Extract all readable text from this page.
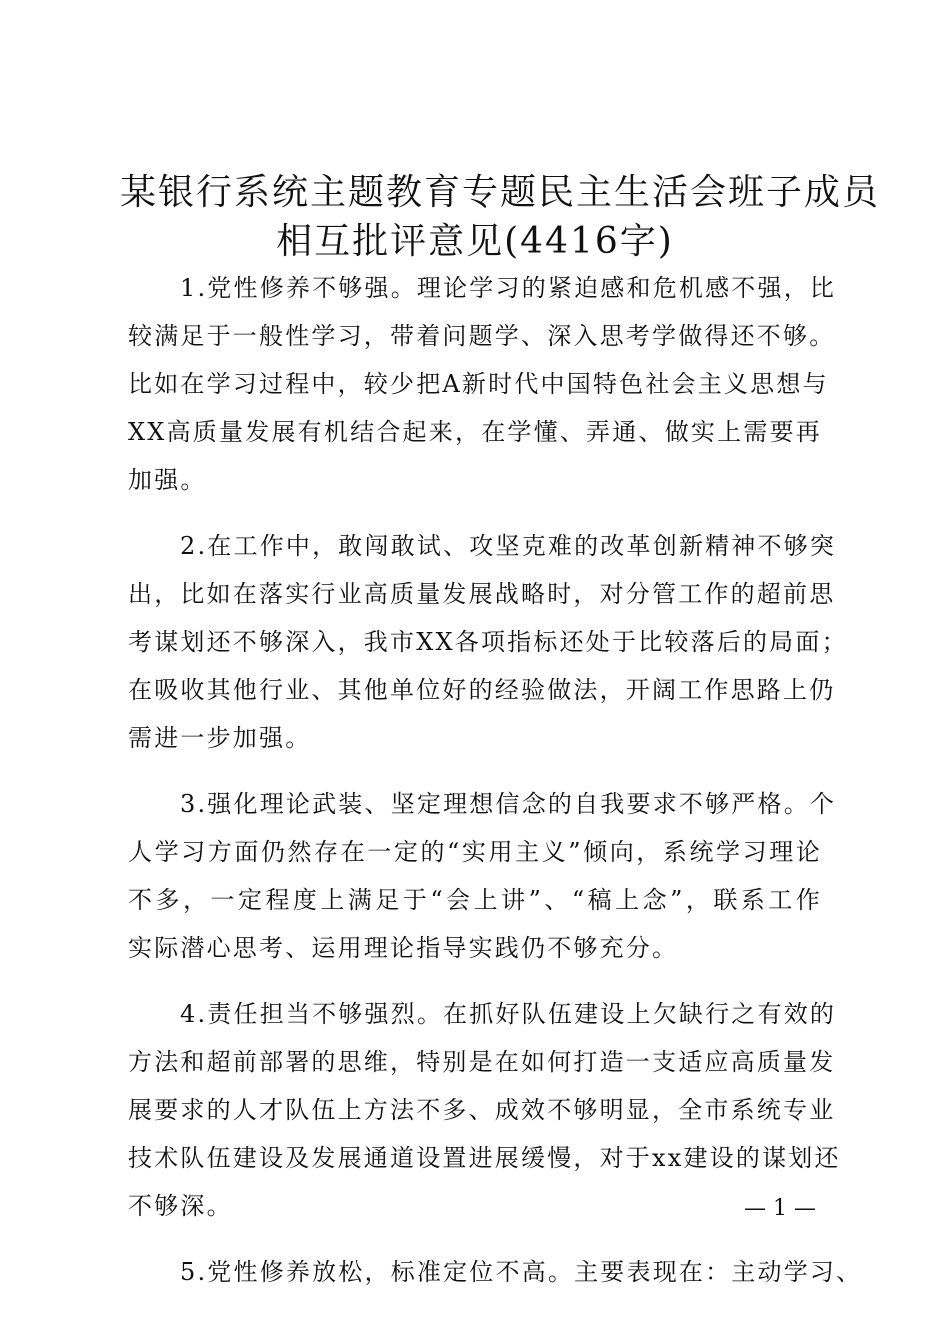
某银行系统主题教育专题民主生活会班子成员
相互批评意见(4416字)
1.党性修养不够强。理论学习的紧迫感和危机感不强，比
较满足于一般性学习，带着问题学、深入思考学做得还不够。
比如在学习过程中，较少把A新时代中国特色社会主义思想与
XX高质量发展有机结合起来，在学懂、弄通、做实上需要再
加强。
2.在工作中，敢闯敢试、攻坚克难的改革创新精神不够突
出，比如在落实行业高质量发展战略时，对分管工作的超前思
考谋划还不够深入，我市XX各项指标还处于比较落后的局面；
在吸收其他行业、其他单位好的经验做法，开阔工作思路上仍
需进一步加强。
3.强化理论武装、坚定理想信念的自我要求不够严格。个
人学习方面仍然存在一定的“实用主义”倾向，系统学习理论
不多，一定程度上满足于“会上讲”、“稿上念”，联系工作
实际潜心思考、运用理论指导实践仍不够充分。
4.责任担当不够强烈。在抓好队伍建设上欠缺行之有效的
方法和超前部署的思维，特别是在如何打造一支适应高质量发
展要求的人才队伍上方法不多、成效不够明显，全市系统专业
技术队伍建设及发展通道设置进展缓慢，对于xx建设的谋划还
不够深。
5.党性修养放松，标准定位不高。主要表现在：主动学习、
— 1 —
